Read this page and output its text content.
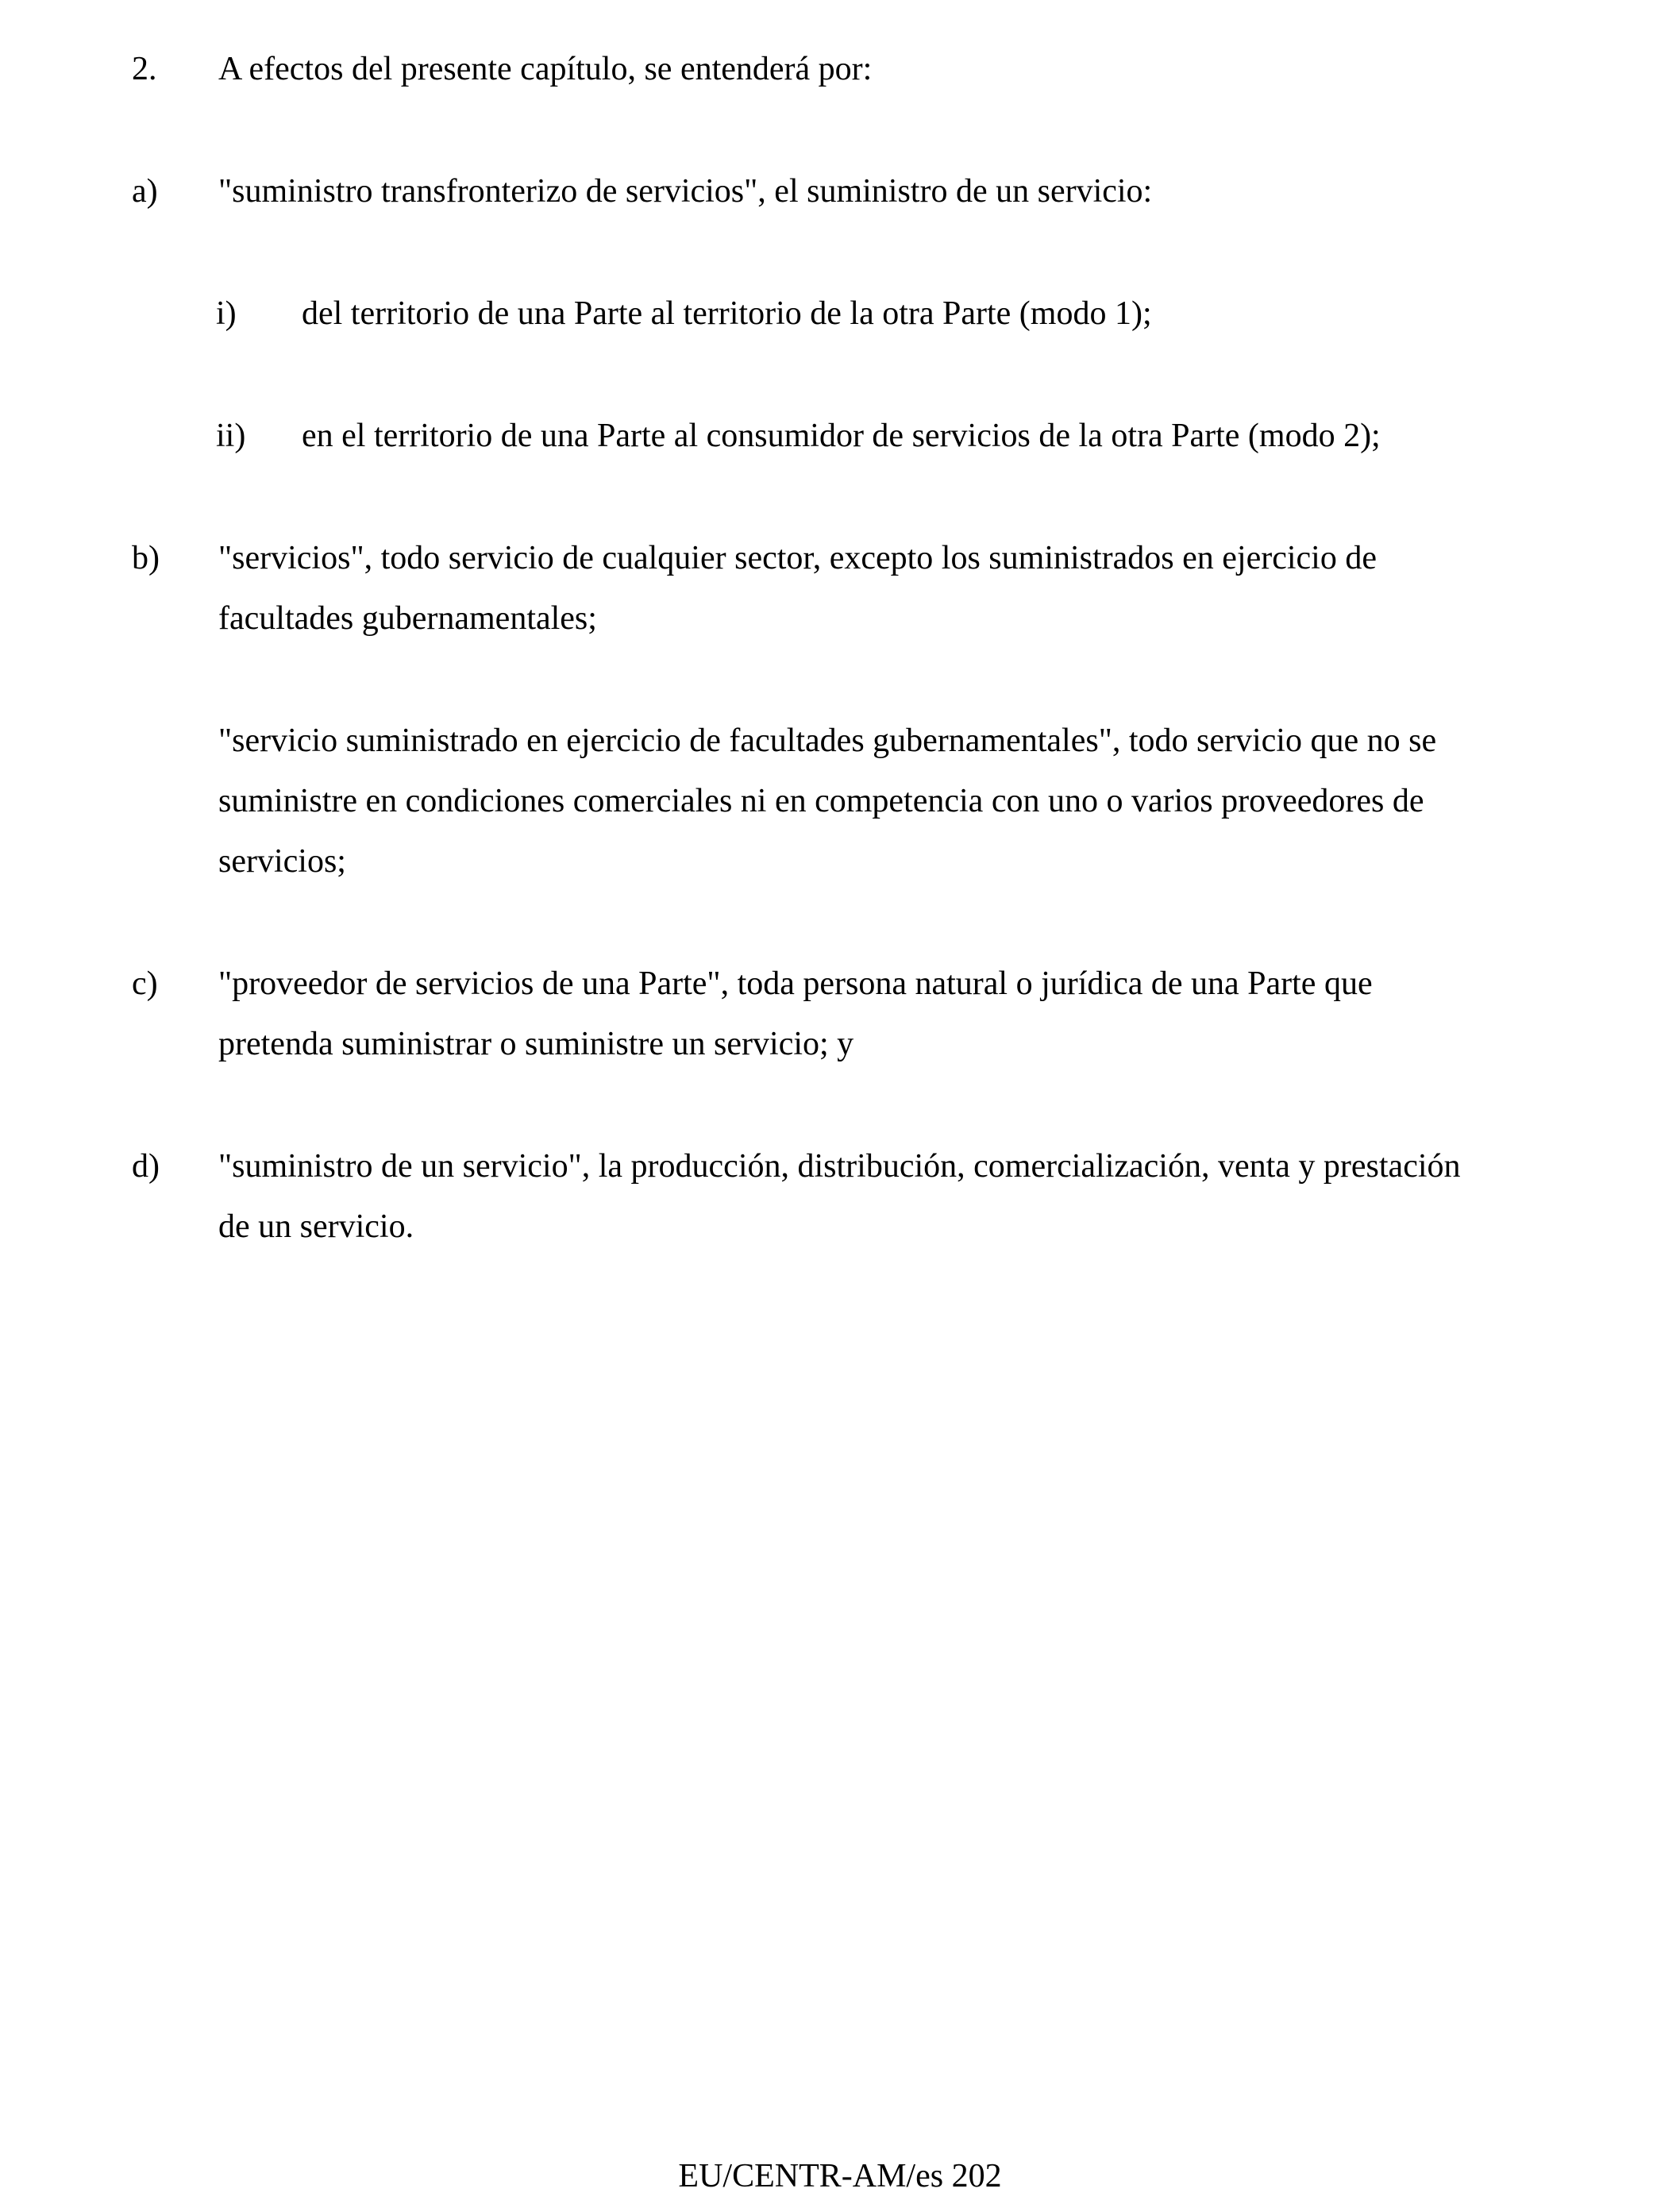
2. A efectos del presente capítulo, se entenderá por:
a) "suministro transfronterizo de servicios", el suministro de un servicio:
i) del territorio de una Parte al territorio de la otra Parte (modo 1);
ii) en el territorio de una Parte al consumidor de servicios de la otra Parte (modo 2);
b) "servicios", todo servicio de cualquier sector, excepto los suministrados en ejercicio de
facultades gubernamentales;
"servicio suministrado en ejercicio de facultades gubernamentales", todo servicio que no se
suministre en condiciones comerciales ni en competencia con uno o varios proveedores de
servicios;
c) "proveedor de servicios de una Parte", toda persona natural o jurídica de una Parte que
pretenda suministrar o suministre un servicio; y
d) "suministro de un servicio", la producción, distribución, comercialización, venta y prestación
de un servicio.
EU/CENTR-AM/es 202
